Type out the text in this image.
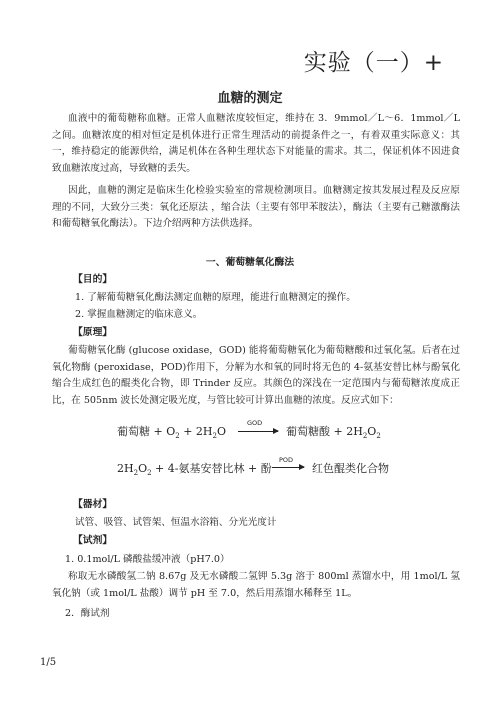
实验（一）+
血糖的测定
血液中的葡萄糖称血糖。正常人血糖浓度较恒定，维持在 3．9mmol／L～6．1mmol／L 之间。血糖浓度的相对恒定是机体进行正常生理活动的前提条件之一，有着双重实际意义：其一，维持稳定的能源供给，满足机体在各种生理状态下对能量的需求。其二，保证机体不因进食致血糖浓度过高，导致糖的丢失。
因此，血糖的测定是临床生化检验实验室的常规检测项目。血糖测定按其发展过程及反应原理的不同，大致分三类：氧化还原法 ，缩合法（主要有邻甲苯胺法），酶法（主要有己糖激酶法和葡萄糖氧化酶法）。下边介绍两种方法供选择。
一、葡萄糖氧化酶法
【目的】
1. 了解葡萄糖氧化酶法测定血糖的原理，能进行血糖测定的操作。
2. 掌握血糖测定的临床意义。
【原理】
葡萄糖氧化酶 (glucose oxidase，GOD) 能将葡萄糖氧化为葡萄糖酸和过氧化氢。后者在过氧化物酶 (peroxidase，POD)作用下，分解为水和氧的同时将无色的 4-氨基安替比林与酚氧化缩合生成红色的醌类化合物，即 Trinder 反应。其颜色的深浅在一定范围内与葡萄糖浓度成正比，在 505nm 波长处测定吸光度，与管比较可计算出血糖的浓度。反应式如下：
葡萄糖 + $O_2 + 2H_2O$
GOD
→ 葡萄糖酸 + $2H_2O_2$
$2H_2O_2 + 4-$氨基安替比林 + 酚
POD
→ 红色醌类化合物
【器材】
试管、吸管、试管架、恒温水浴箱、分光光度计
【试剂】
1. 0.1mol/L 磷酸盐缓冲液（pH7.0）
称取无水磷酸氢二钠 8.67g 及无水磷酸二氢钾 5.3g 溶于 800ml 蒸馏水中，用 1mol/L 氢氧化钠（或 1mol/L 盐酸）调节 pH 至 7.0，然后用蒸馏水稀释至 1L。
2．酶试剂
1/5
